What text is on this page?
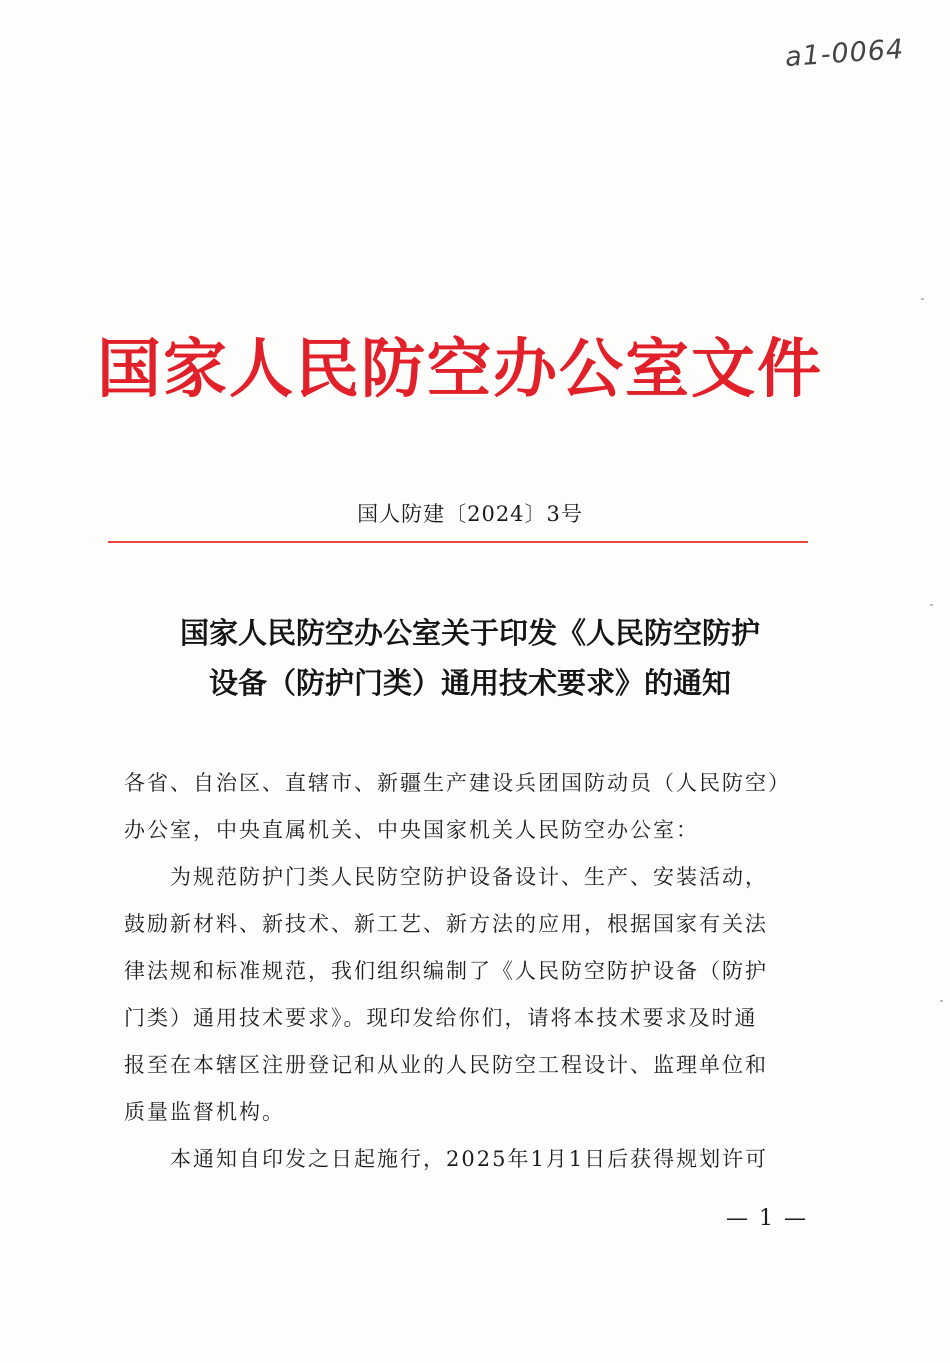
a1-0064
国家人民防空办公室文件
国人防建〔2024〕3号
国家人民防空办公室关于印发《人民防空防护
设备（防护门类）通用技术要求》的通知

各省、自治区、直辖市、新疆生产建设兵团国防动员（人民防空）

办公室，中央直属机关、中央国家机关人民防空办公室：

为规范防护门类人民防空防护设备设计、生产、安装活动，

鼓励新材料、新技术、新工艺、新方法的应用，根据国家有关法

律法规和标准规范，我们组织编制了《人民防空防护设备（防护

门类）通用技术要求》。现印发给你们，请将本技术要求及时通

报至在本辖区注册登记和从业的人民防空工程设计、监理单位和

质量监督机构。

本通知自印发之日起施行，2025年1月1日后获得规划许可

— 1 —
